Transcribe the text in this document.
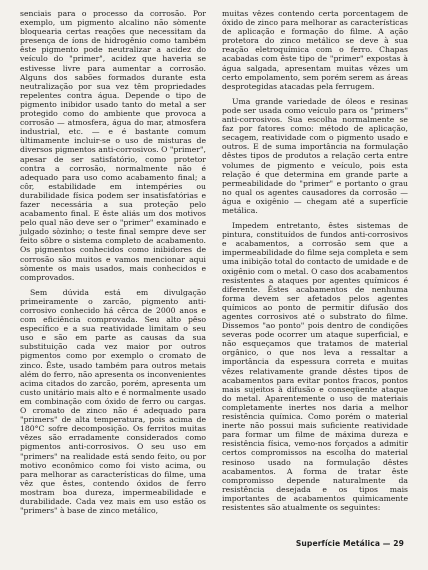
senciais para o processo da corrosão. Por exemplo, um pigmento alcalino não sòmente bloquearia certas reações que necessitam da presença de íons de hidrogênio como também êste pigmento pode neutralizar a acidez do veículo do "primer", acidez que haveria se estivesse livre para aumentar a corrosão. Alguns dos sabões formados durante esta neutralização por sua vez têm propriedades repelentes contra água. Depende o tipo de pigmento inibidor usado tanto do metal a ser protegido como do ambiente que provoca a corrosão — atmosfera, água do mar, atmosfera industrial, etc. — e é bastante comum ùltimamente incluir-se o uso de misturas de diversos pigmentos anti-corrosivos. O "primer", apesar de ser satisfatório, como protetor contra a corrosão, normalmente não é adequado para uso como acabamento final; a côr, estabilidade em intempéries ou durabilidade física podem ser insatisfatórias e fazer necessária a sua proteção pelo acabamento final. E êste aliás um dos motivos pelo qual não deve ser o "primer" examinado e julgado sòzinho; o teste final sempre deve ser feito sôbre o sistema completo de acabamento. Os pigmentos conhecidos como inibidores de corrosão são muitos e vamos mencionar aqui sòmente os mais usados, mais conhecidos e comprovados.

Sem dúvida está em divulgação primeiramente o zarcão, pigmento anti-corrosivo conhecido há cêrca de 2000 anos e com eficiência comprovada. Seu alto pêso específico e a sua reatividade limitam o seu uso e são em parte as causas da sua substituição cada vez maior por outros pigmentos como por exemplo o cromato de zinco. Êste, usado também para outros metais além do ferro, não apresenta os inconvenientes acima citados do zarcão, porém, apresenta um custo unitário mais alto e é normalmente usado em combinação com óxido de ferro ou cargas. O cromato de zinco não é adequado para "primers" de alta temperatura, pois acima de 180°C sofre decomposição. Os ferritos muitas vêzes são erradamente considerados como pigmentos anti-corrosivos. O seu uso em "primers" na realidade está sendo feito, ou por motivo econômico como foi visto acima, ou para melhorar as características do filme, uma vêz que êstes, contendo óxidos de ferro mostram boa dureza, impermeabilidade e durabilidade. Cada vez mais em uso estão os "primers" à base de zinco metálico,

muitas vêzes contendo certa porcentagem de óxido de zinco para melhorar as características de aplicação e formação do filme. A ação protetora do zinco metálico se deve à sua reação eletroquímica com o ferro. Chapas acabadas com êste tipo de "primer" expostas à água salgada, apresentam muitas vêzes um certo empolamento, sem porém serem as áreas desprotegidas atacadas pela ferrugem.

Uma grande variedade de óleos e resinas pode ser usada como veículo para os "primers" anti-corrosivos. Sua escolha normalmente se faz por fatores como: método de aplicação, secagem, reatividade com o pigmento usado e outros. E de suma importância na formulação dêstes tipos de produtos a relação certa entre volumes de pigmento e veículo, pois esta relação é que determina em grande parte a permeabilidade do "primer" e portanto o grau no qual os agentes causadores da corrosão — água e oxigênio — chegam até a superfície metálica.

Impedem entretanto, êstes sistemas de pintura, constituídos de fundos anti-corrosivos e acabamentos, a corrosão sem que a impermeabilidade do filme seja completa e sem uma inibição total do contacto de umidade e de oxigênio com o metal. O caso dos acabamentos resistentes a ataques por agentes químicos é diferente. Êstes acabamentos de nenhuma forma devem ser afetados pelos agentes químicos ao ponto de permitir difusão dos agentes corrosivos até o substrato do filme. Dissemos "ao ponto" pois dentro de condições severas pode ocorrer um ataque superficial, e não esqueçamos que tratamos de material orgânico, o que nos leva a ressaltar a importância da espessura correta e muitas vêzes relativamente grande dêstes tipos de acabamentos para evitar pontos fracos, pontos mais sujeitos à difusão e conseqüente ataque do metal. Aparentemente o uso de materiais completamente inertes nos daria a melhor resistência química. Como porém o material inerte não possui mais suficiente reatividade para formar um filme de máxima dureza e resistência física, vemo-nos forçados a admitir certos compromissos na escolha do material resinoso usado na formulação dêstes acabamentos. A forma de tratar êste compromisso depende naturalmente da resistência desejada e os tipos mais importantes de acabamentos quìmicamente resistentes são atualmente os seguintes:

Superfície Metálica — 29
